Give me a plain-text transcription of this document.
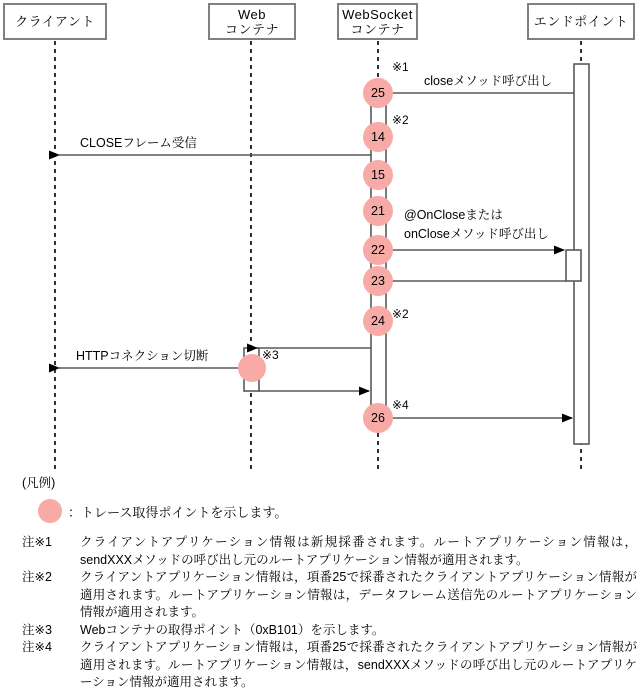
クライアント	Web
コンテナ
WebSocket
コンテナ	エンドポイント
closeメソッド呼び出し
CLOSEフレーム受信
@OnCloseまたは
onCloseメソッド呼び出し
HTTPコネクション切断
※1
※2
※2
※3
※4
25
14
15
21
22
23
24
26
(凡例)
： トレース取得ポイントを示します。
注※1	クライアントアプリケーション情報は新規採番されます。ルートアプリケーション情報は，sendXXXメソッドの呼び出し元のルートアプリケーション情報が適用されます。
注※2	クライアントアプリケーション情報は，項番25で採番されたクライアントアプリケーション情報が適用されます。ルートアプリケーション情報は，データフレーム送信先のルートアプリケーション情報が適用されます。
注※3	Webコンテナの取得ポイント（0xB101）を示します。
注※4	クライアントアプリケーション情報は，項番25で採番されたクライアントアプリケーション情報が適用されます。ルートアプリケーション情報は，sendXXXメソッドの呼び出し元のルートアプリケーション情報が適用されます。
